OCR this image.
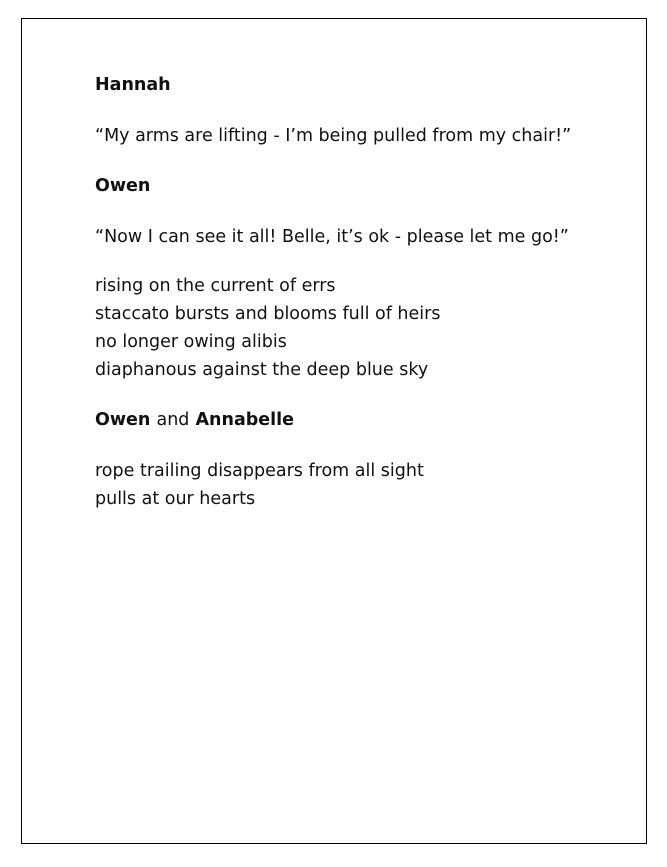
Hannah

“My arms are lifting - I’m being pulled from my chair!”

Owen

“Now I can see it all! Belle, it’s ok - please let me go!”

rising on the current of errs

staccato bursts and blooms full of heirs

no longer owing alibis

diaphanous against the deep blue sky

Owen and Annabelle

rope trailing disappears from all sight

pulls at our hearts
